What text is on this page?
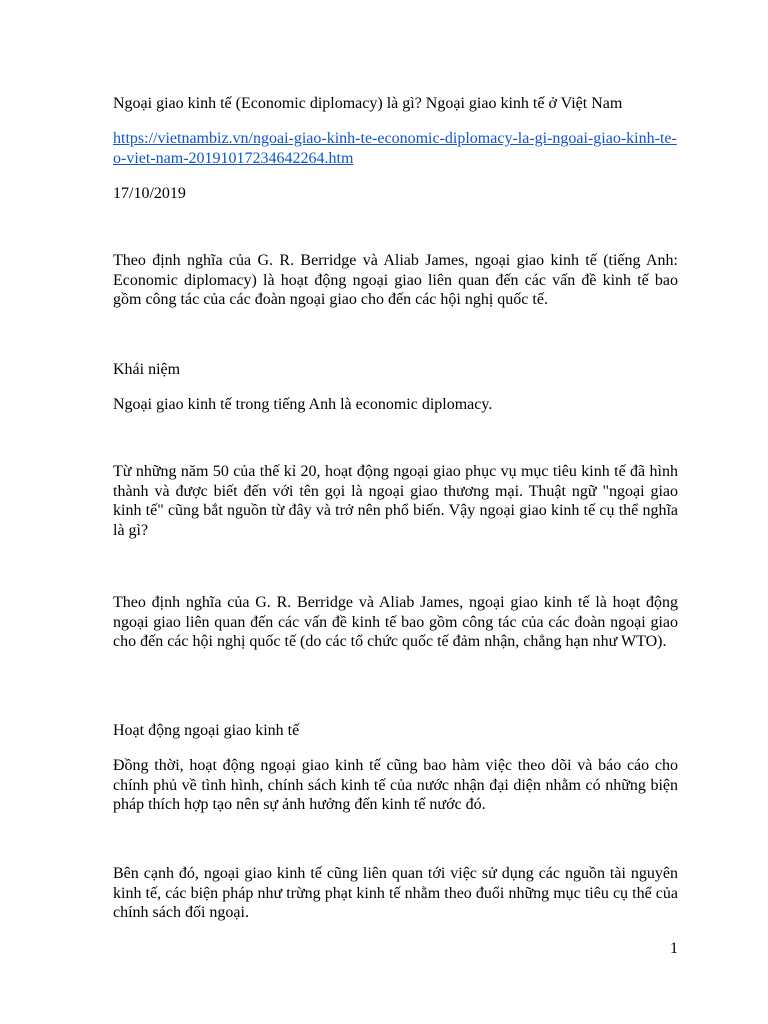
Ngoại giao kinh tế (Economic diplomacy) là gì? Ngoại giao kinh tế ở Việt Nam

https://vietnambiz.vn/ngoai-giao-kinh-te-economic-diplomacy-la-gi-ngoai-giao-kinh-te-o-viet-nam-20191017234642264.htm

17/10/2019

Theo định nghĩa của G. R. Berridge và Aliab James, ngoại giao kinh tế (tiếng Anh: Economic diplomacy) là hoạt động ngoại giao liên quan đến các vấn đề kinh tế bao gồm công tác của các đoàn ngoại giao cho đến các hội nghị quốc tế.

Khái niệm

Ngoại giao kinh tế trong tiếng Anh là economic diplomacy.

Từ những năm 50 của thế kỉ 20, hoạt động ngoại giao phục vụ mục tiêu kinh tế đã hình thành và được biết đến với tên gọi là ngoại giao thương mại. Thuật ngữ "ngoại giao kinh tế" cũng bắt nguồn từ đây và trở nên phổ biến. Vậy ngoại giao kinh tế cụ thể nghĩa là gì?

Theo định nghĩa của G. R. Berridge và Aliab James, ngoại giao kinh tế là hoạt động ngoại giao liên quan đến các vấn đề kinh tế bao gồm công tác của các đoàn ngoại giao cho đến các hội nghị quốc tế (do các tổ chức quốc tế đảm nhận, chẳng hạn như WTO).

Hoạt động ngoại giao kinh tế

Đồng thời, hoạt động ngoại giao kinh tế cũng bao hàm việc theo dõi và báo cáo cho chính phủ về tình hình, chính sách kinh tế của nước nhận đại diện nhằm có những biện pháp thích hợp tạo nên sự ảnh hưởng đến kinh tế nước đó.

Bên cạnh đó, ngoại giao kinh tế cũng liên quan tới việc sử dụng các nguồn tài nguyên kinh tế, các biện pháp như trừng phạt kinh tế nhằm theo đuổi những mục tiêu cụ thể của chính sách đối ngoại.

1
